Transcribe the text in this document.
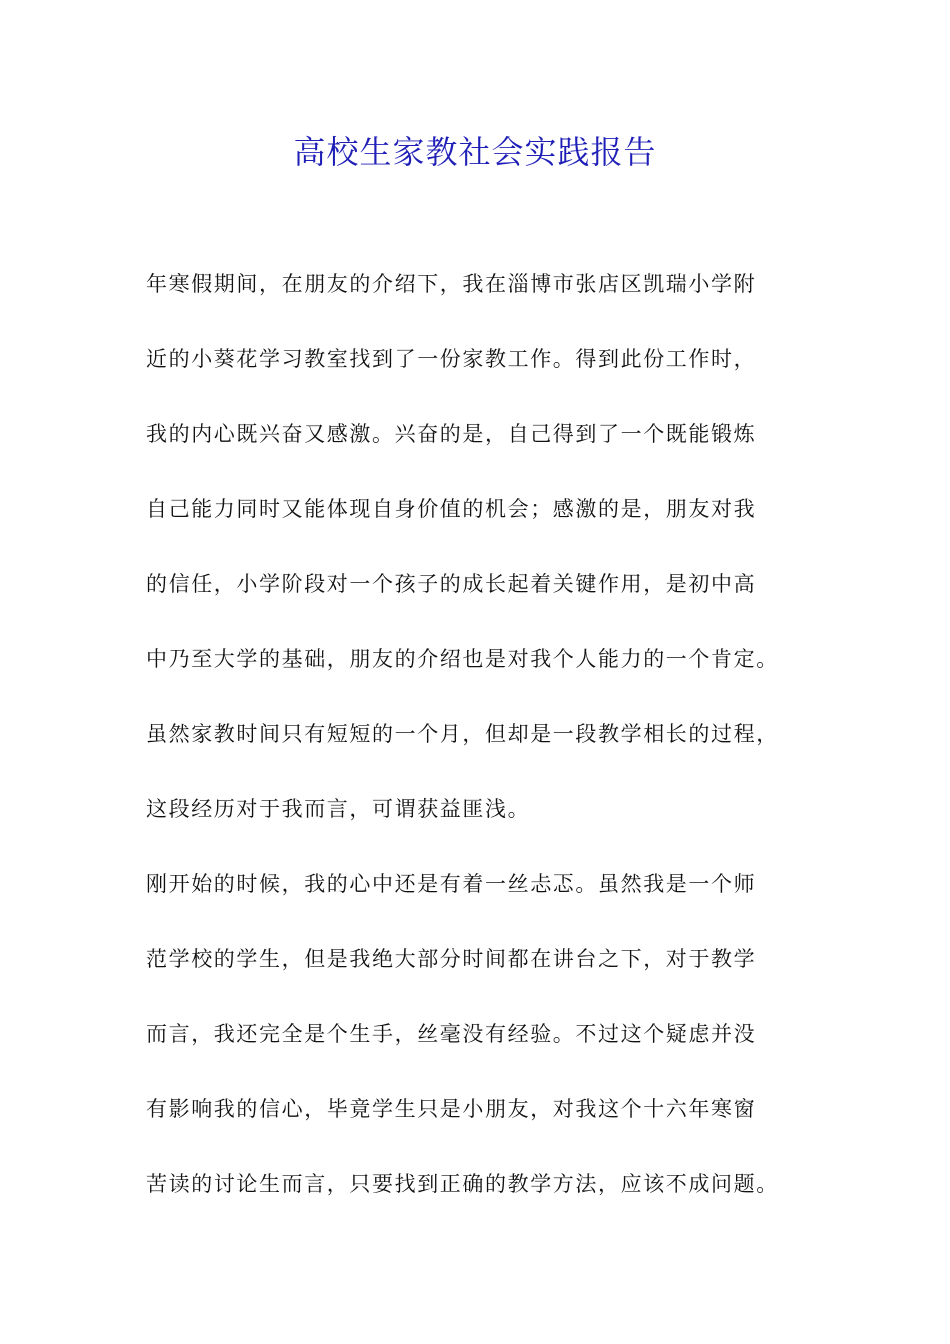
高校生家教社会实践报告
年寒假期间，在朋友的介绍下，我在淄博市张店区凯瑞小学附
近的小葵花学习教室找到了一份家教工作。得到此份工作时，
我的内心既兴奋又感激。兴奋的是，自己得到了一个既能锻炼
自己能力同时又能体现自身价值的机会；感激的是，朋友对我
的信任，小学阶段对一个孩子的成长起着关键作用，是初中高
中乃至大学的基础，朋友的介绍也是对我个人能力的一个肯定。
虽然家教时间只有短短的一个月，但却是一段教学相长的过程，
这段经历对于我而言，可谓获益匪浅。
刚开始的时候，我的心中还是有着一丝忐忑。虽然我是一个师
范学校的学生，但是我绝大部分时间都在讲台之下，对于教学
而言，我还完全是个生手，丝毫没有经验。不过这个疑虑并没
有影响我的信心，毕竟学生只是小朋友，对我这个十六年寒窗
苦读的讨论生而言，只要找到正确的教学方法，应该不成问题。
